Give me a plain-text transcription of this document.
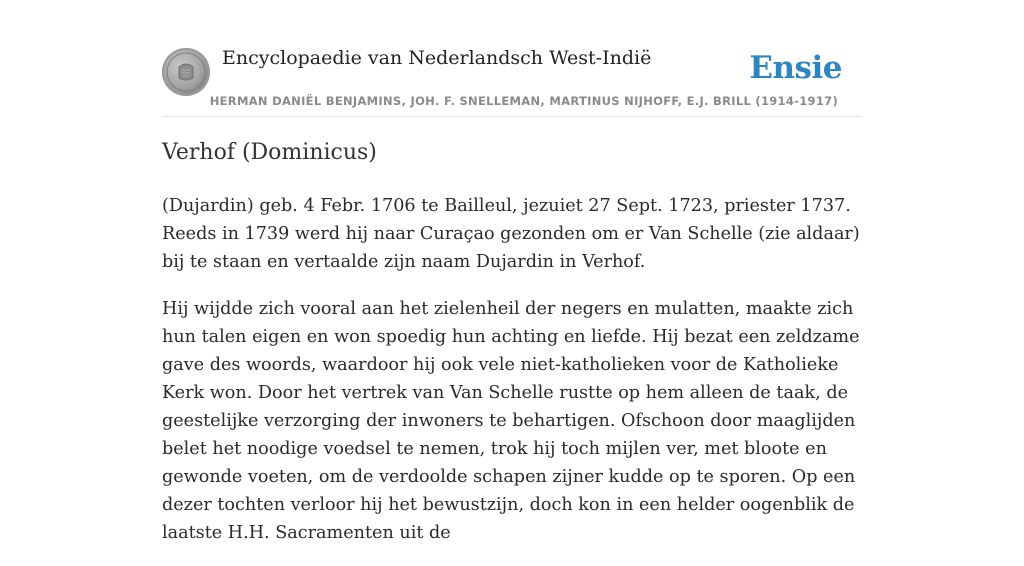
Encyclopaedie van Nederlandsch West-Indië	Ensie
HERMAN DANIËL BENJAMINS, JOH. F. SNELLEMAN, MARTINUS NIJHOFF, E.J. BRILL (1914-1917)
Verhof (Dominicus)

(Dujardin) geb. 4 Febr. 1706 te Bailleul, jezuiet 27 Sept. 1723, priester 1737. Reeds in 1739 werd hij naar Curaçao gezonden om er Van Schelle (zie aldaar) bij te staan en vertaalde zijn naam Dujardin in Verhof.

Hij wijdde zich vooral aan het zielenheil der negers en mulatten, maakte zich hun talen eigen en won spoedig hun achting en liefde. Hij bezat een zeldzame gave des woords, waardoor hij ook vele niet-katholieken voor de Katholieke Kerk won. Door het vertrek van Van Schelle rustte op hem alleen de taak, de geestelijke verzorging der inwoners te behartigen. Ofschoon door maaglijden belet het noodige voedsel te nemen, trok hij toch mijlen ver, met bloote en gewonde voeten, om de verdoolde schapen zijner kudde op te sporen. Op een dezer tochten verloor hij het bewustzijn, doch kon in een helder oogenblik de laatste H.H. Sacramenten uit de
